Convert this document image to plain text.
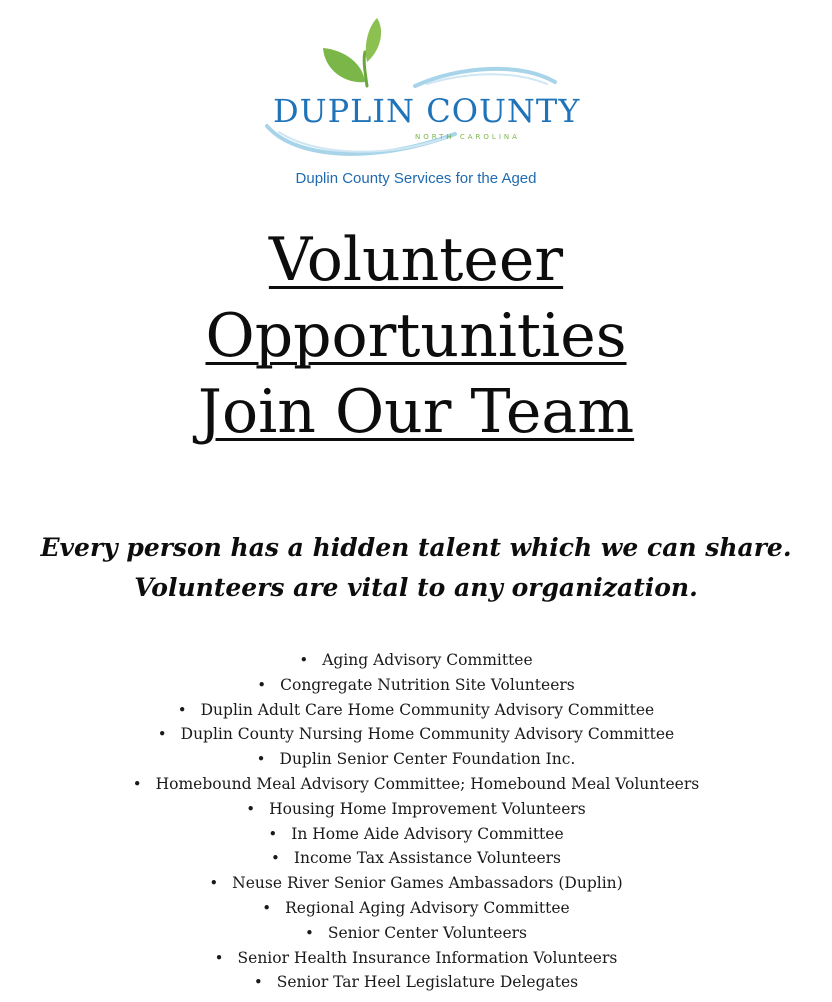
DUPLIN COUNTY
NORTH CAROLINA
Duplin County Services for the Aged
Volunteer
Opportunities
Join Our Team
Every person has a hidden talent which we can share.
Volunteers are vital to any organization.
• Aging Advisory Committee
• Congregate Nutrition Site Volunteers
• Duplin Adult Care Home Community Advisory Committee
• Duplin County Nursing Home Community Advisory Committee
• Duplin Senior Center Foundation Inc.
• Homebound Meal Advisory Committee; Homebound Meal Volunteers
• Housing Home Improvement Volunteers
• In Home Aide Advisory Committee
• Income Tax Assistance Volunteers
• Neuse River Senior Games Ambassadors (Duplin)
• Regional Aging Advisory Committee
• Senior Center Volunteers
• Senior Health Insurance Information Volunteers
• Senior Tar Heel Legislature Delegates
